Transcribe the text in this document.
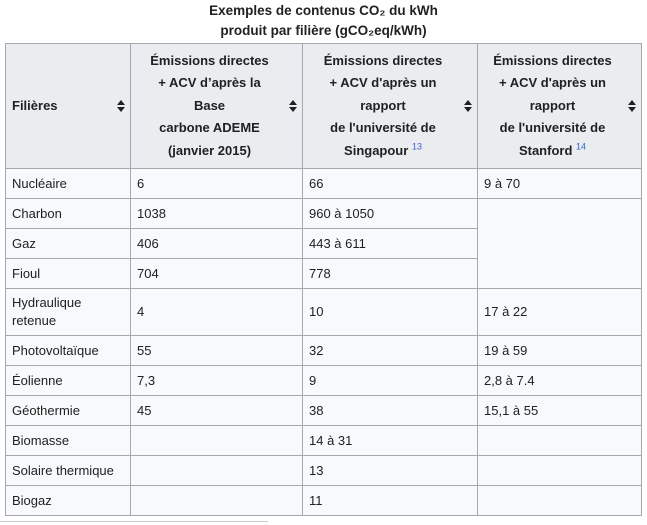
Exemples de contenus CO₂ du kWh
produit par filière (gCO₂eq/kWh)
Filières	Émissions directes
+ ACV d’après la
Base
carbone ADEME
(janvier 2015)	Émissions directes
+ ACV d'après un
rapport
de l'université de
Singapour $^{13}$	Émissions directes
+ ACV d'après un
rapport
de l'université de
Stanford $^{14}$

Nucléaire	6	66	9 à 70
Charbon	1038	960 à 1050	
Gaz	406	443 à 611	
Fioul	704	778	
Hydraulique retenue	4	10	17 à 22
Photovoltaïque	55	32	19 à 59
Éolienne	7,3	9	2,8 à 7.4
Géothermie	45	38	15,1 à 55
Biomasse		14 à 31	
Solaire thermique		13	
Biogaz		11	
